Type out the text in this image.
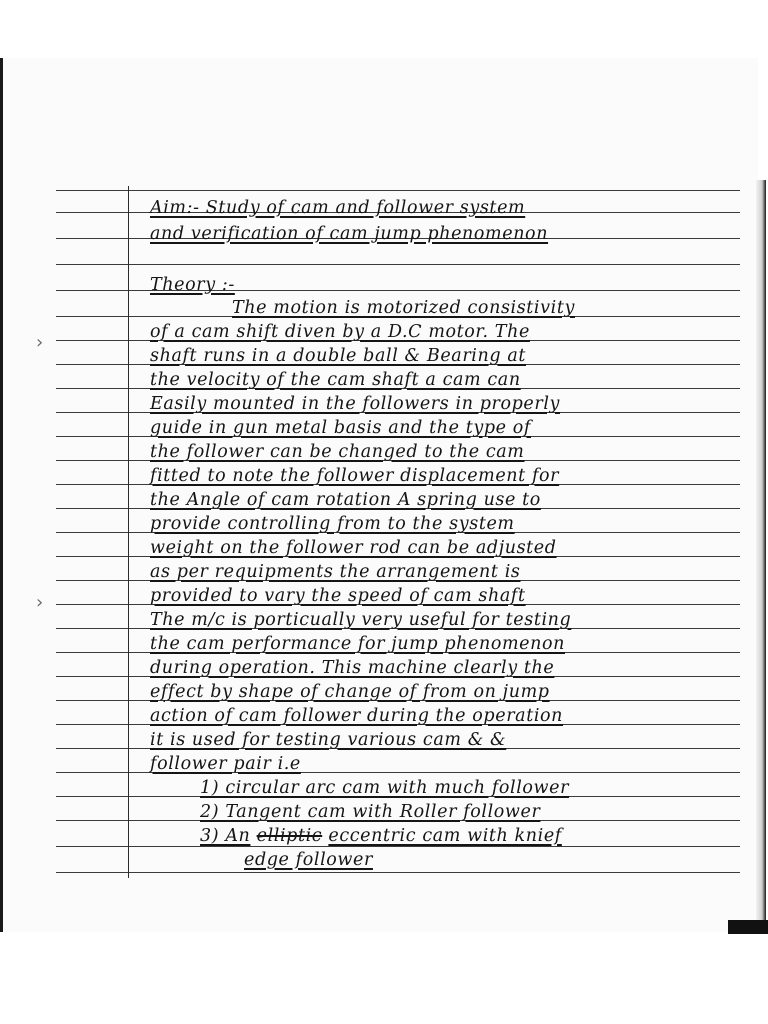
›
›
Aim:- Study of cam and follower system
and verification of cam jump phenomenon
Theory :-
The motion is motorized consistivity
of a cam shift diven by a D.C motor. The
shaft runs in a double ball & Bearing at
the velocity of the cam shaft a cam can
Easily mounted in the followers in properly
guide in gun metal basis and the type of
the follower can be changed to the cam
fitted to note the follower displacement for
the Angle of cam rotation A spring use to
provide controlling from to the system
weight on the follower rod can be adjusted
as per requipments the arrangement is
provided to vary the speed of cam shaft
The m/c is porticually very useful for testing
the cam performance for jump phenomenon
during operation. This machine clearly the
effect by shape of change of from on jump
action of cam follower during the operation
it is used for testing various cam & &
follower pair i.e
1) circular arc cam with much follower
2) Tangent cam with Roller follower
3) An elliptic eccentric cam with knief
edge follower
